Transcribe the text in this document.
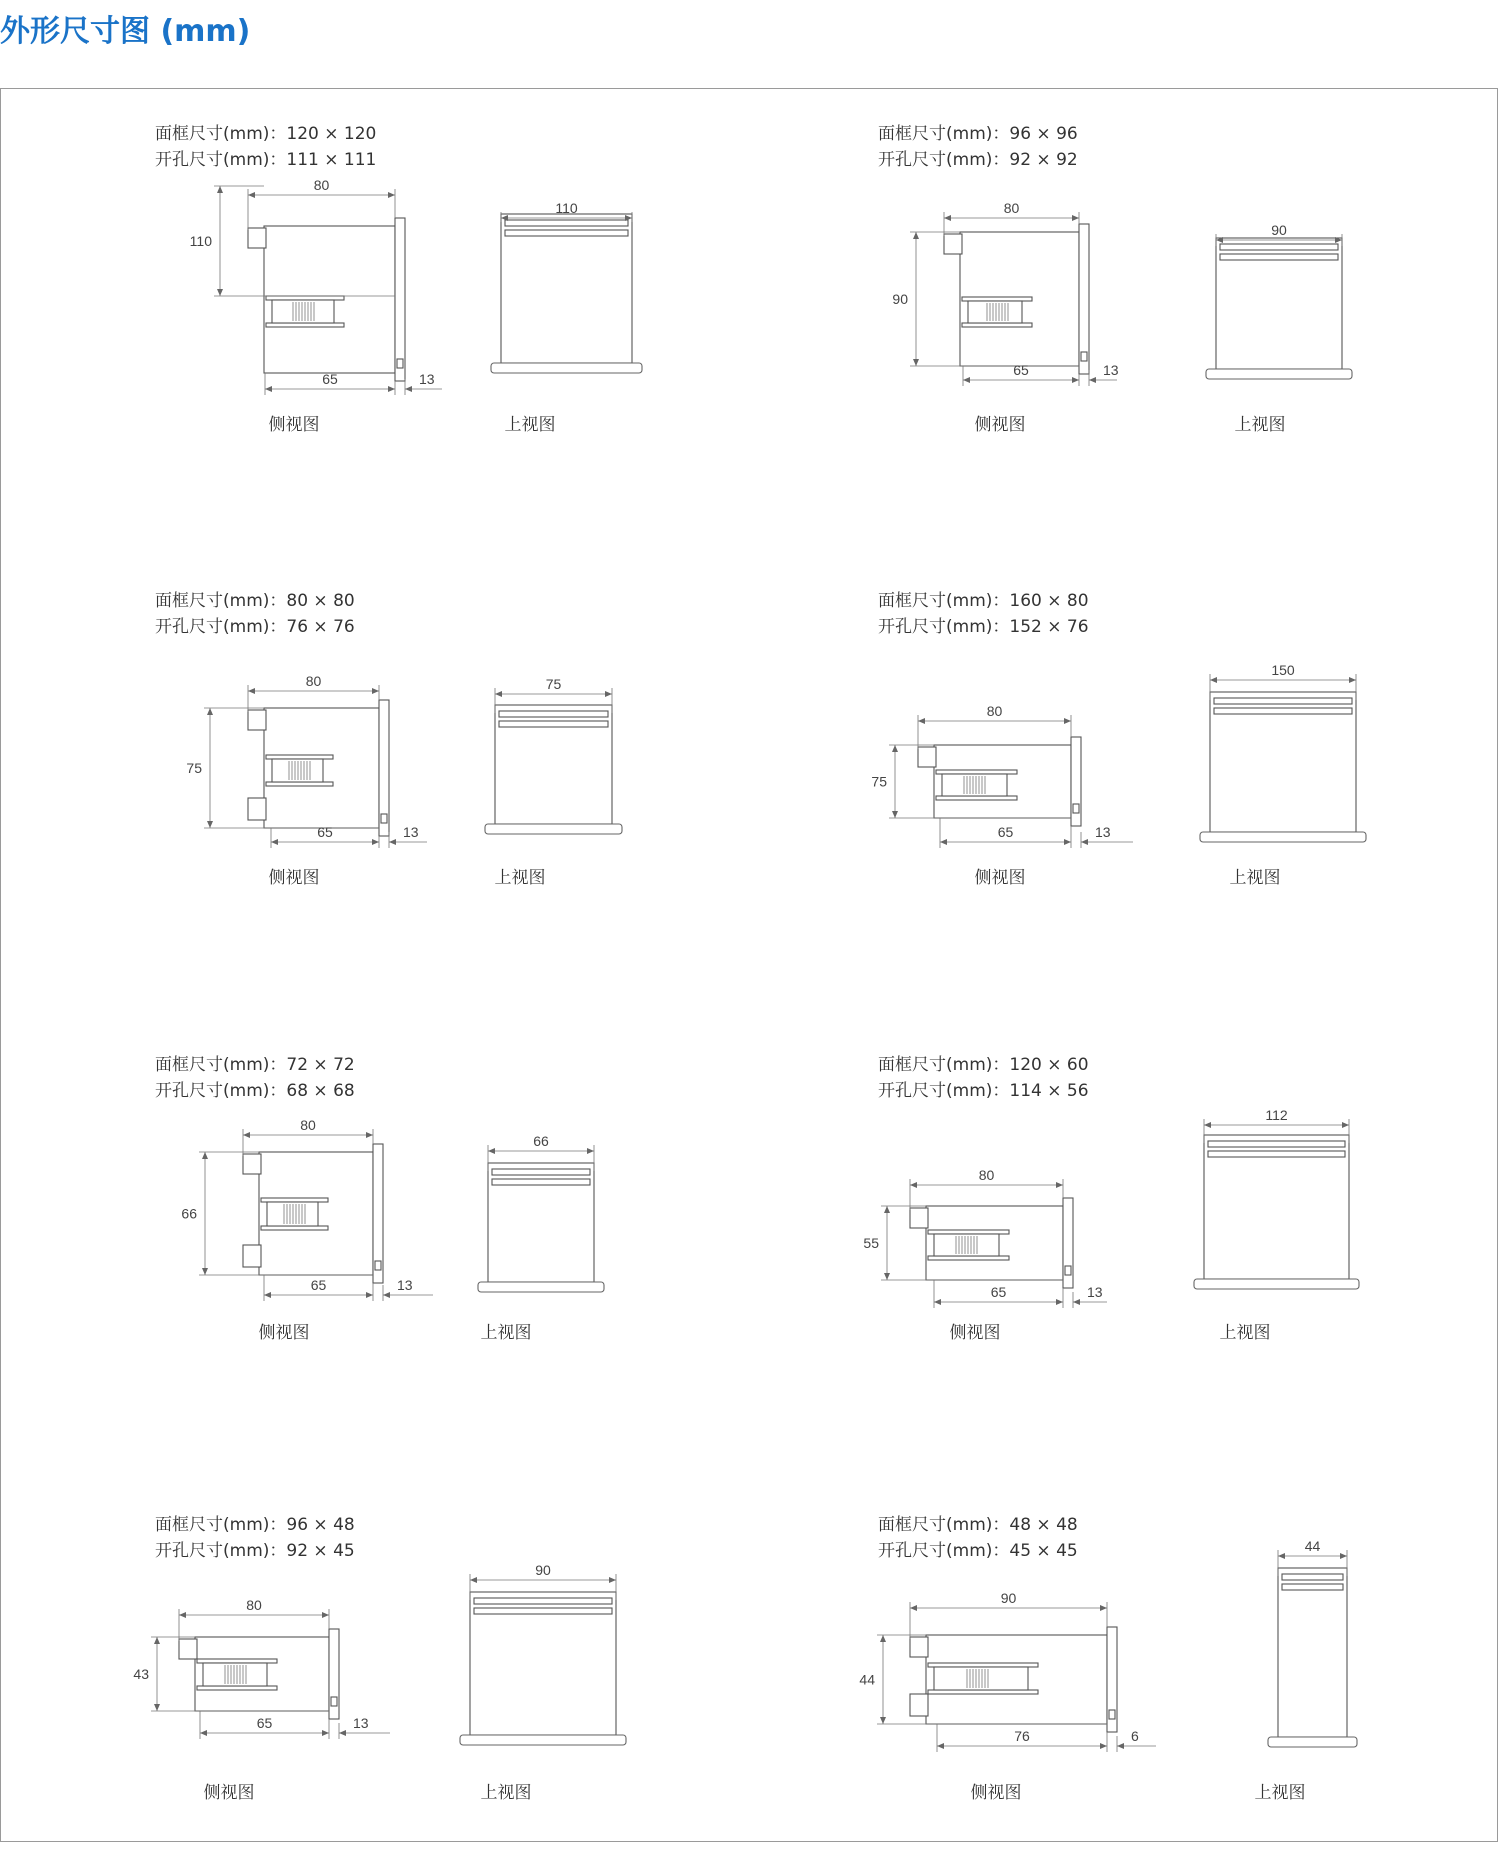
外形尺寸图 (mm)
80
110
65	13
110	80
90
65	13
90
80
75
65	13
75
80
75
65	13
150
80
66
65	13
66
80
55
65	13
112
80
43
65	13
90
90
44
76	6
44
面框尺寸(mm)：120 × 120
开孔尺寸(mm)：111 × 111
侧视图	上视图
面框尺寸(mm)：96 × 96
开孔尺寸(mm)：92 × 92
侧视图	上视图
面框尺寸(mm)：80 × 80
开孔尺寸(mm)：76 × 76
侧视图	上视图
面框尺寸(mm)：160 × 80
开孔尺寸(mm)：152 × 76
侧视图	上视图
面框尺寸(mm)：72 × 72
开孔尺寸(mm)：68 × 68
侧视图	上视图
面框尺寸(mm)：120 × 60
开孔尺寸(mm)：114 × 56
侧视图	上视图
面框尺寸(mm)：96 × 48
开孔尺寸(mm)：92 × 45
侧视图	上视图
面框尺寸(mm)：48 × 48
开孔尺寸(mm)：45 × 45
侧视图	上视图
